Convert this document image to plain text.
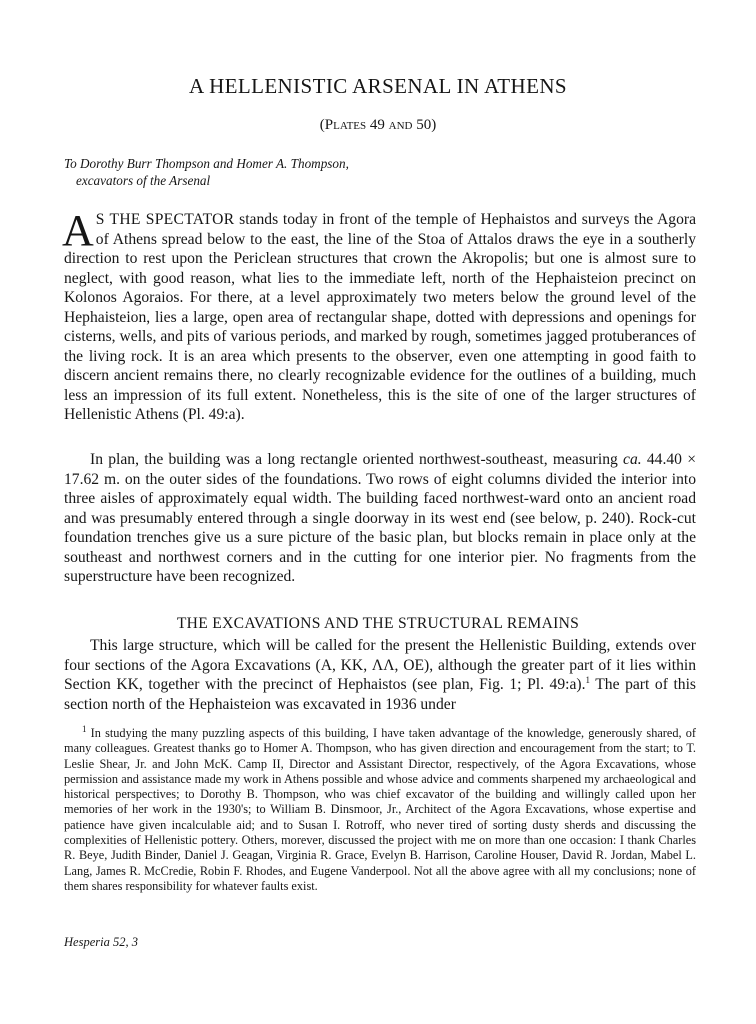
A HELLENISTIC ARSENAL IN ATHENS
(Plates 49 and 50)
To Dorothy Burr Thompson and Homer A. Thompson,
excavators of the Arsenal

AS THE SPECTATOR stands today in front of the temple of Hephaistos and surveys the Agora of Athens spread below to the east, the line of the Stoa of Attalos draws the eye in a southerly direction to rest upon the Periclean structures that crown the Akropolis; but one is almost sure to neglect, with good reason, what lies to the immediate left, north of the Hephaisteion precinct on Kolonos Agoraios. For there, at a level approximately two meters below the ground level of the Hephaisteion, lies a large, open area of rectangular shape, dotted with depressions and openings for cisterns, wells, and pits of various periods, and marked by rough, sometimes jagged protuberances of the living rock. It is an area which presents to the observer, even one attempting in good faith to discern ancient remains there, no clearly recognizable evidence for the outlines of a building, much less an impression of its full extent. Nonetheless, this is the site of one of the larger structures of Hellenistic Athens (Pl. 49:a).

In plan, the building was a long rectangle oriented northwest-southeast, measuring ca. 44.40 × 17.62 m. on the outer sides of the foundations. Two rows of eight columns divided the interior into three aisles of approximately equal width. The building faced northwest-ward onto an ancient road and was presumably entered through a single doorway in its west end (see below, p. 240). Rock-cut foundation trenches give us a sure picture of the basic plan, but blocks remain in place only at the southeast and northwest corners and in the cutting for one interior pier. No fragments from the superstructure have been recognized.

THE EXCAVATIONS AND THE STRUCTURAL REMAINS

This large structure, which will be called for the present the Hellenistic Building, extends over four sections of the Agora Excavations (A, KK, ΛΛ, OE), although the greater part of it lies within Section KK, together with the precinct of Hephaistos (see plan, Fig. 1; Pl. 49:a).$^1$ The part of this section north of the Hephaisteion was excavated in 1936 under

$^1$ In studying the many puzzling aspects of this building, I have taken advantage of the knowledge, generously shared, of many colleagues. Greatest thanks go to Homer A. Thompson, who has given direction and encouragement from the start; to T. Leslie Shear, Jr. and John McK. Camp II, Director and Assistant Director, respectively, of the Agora Excavations, whose permission and assistance made my work in Athens possible and whose advice and comments sharpened my archaeological and historical perspectives; to Dorothy B. Thompson, who was chief excavator of the building and willingly called upon her memories of her work in the 1930's; to William B. Dinsmoor, Jr., Architect of the Agora Excavations, whose expertise and patience have given incalculable aid; and to Susan I. Rotroff, who never tired of sorting dusty sherds and discussing the complexities of Hellenistic pottery. Others, morever, discussed the project with me on more than one occasion: I thank Charles R. Beye, Judith Binder, Daniel J. Geagan, Virginia R. Grace, Evelyn B. Harrison, Caroline Houser, David R. Jordan, Mabel L. Lang, James R. McCredie, Robin F. Rhodes, and Eugene Vanderpool. Not all the above agree with all my conclusions; none of them shares responsibility for whatever faults exist.

Hesperia 52, 3
